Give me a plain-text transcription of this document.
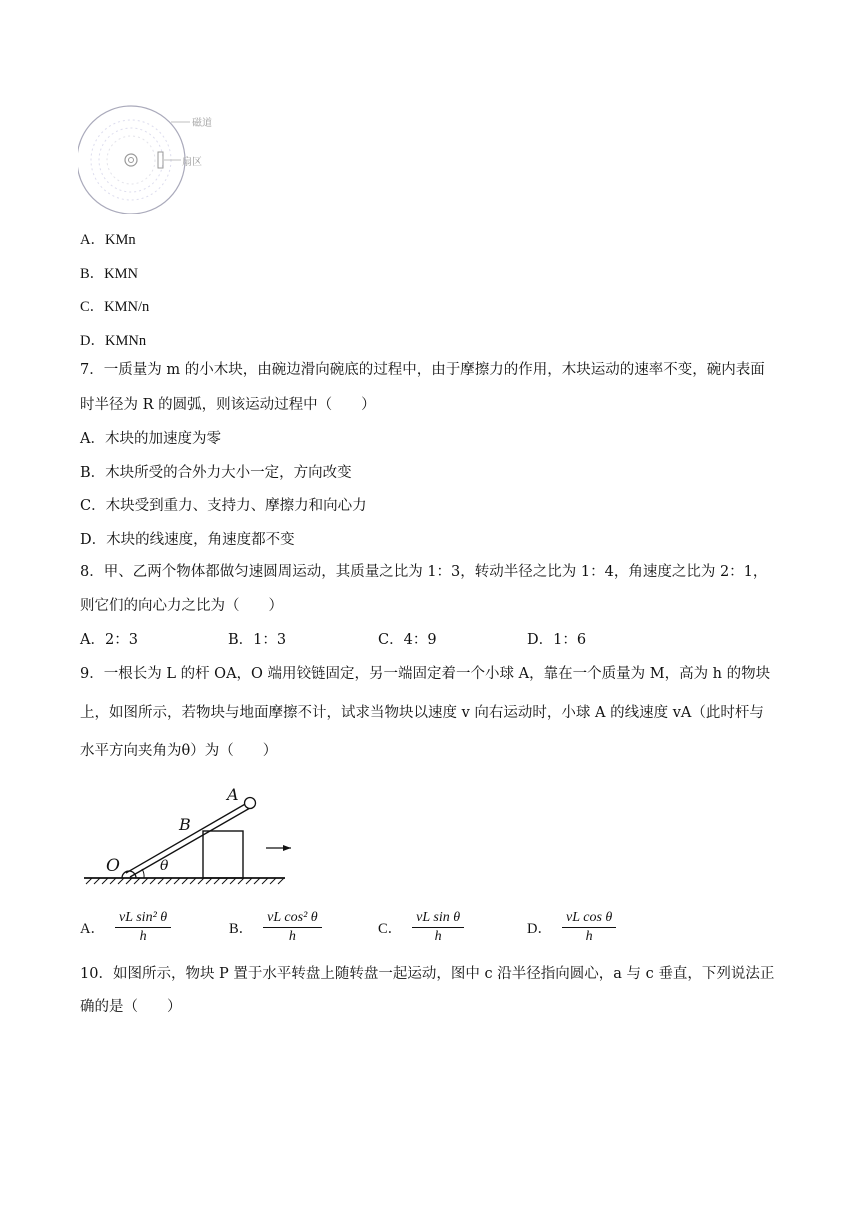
磁道
扇区
A．KMn
B．KMN
C．KMN/n
D．KMNn
7．一质量为 m 的小木块，由碗边滑向碗底的过程中，由于摩擦力的作用，木块运动的速率不变，碗内表面
时半径为 R 的圆弧，则该运动过程中（　　）
A．木块的加速度为零
B．木块所受的合外力大小一定，方向改变
C．木块受到重力、支持力、摩擦力和向心力
D．木块的线速度，角速度都不变
8．甲、乙两个物体都做匀速圆周运动，其质量之比为 1：3，转动半径之比为 1：4，角速度之比为 2：1，
则它们的向心力之比为（　　）
A．2：3	B．1：3	C．4：9	D．1：6
9．一根长为 L 的杆 OA，O 端用铰链固定，另一端固定着一个小球 A，靠在一个质量为 M，高为 h 的物块
上，如图所示，若物块与地面摩擦不计，试求当物块以速度 v 向右运动时，小球 A 的线速度 vA（此时杆与
水平方向夹角为θ）为（　　）
A
B
O	θ
A． $\frac{\text{vL sin² θ}}{h}$	B． $\frac{\text{vL cos² θ}}{h}$	C． $\frac{\text{vL sin θ}}{h}$	D． $\frac{\text{vL cos θ}}{h}$
10．如图所示，物块 P 置于水平转盘上随转盘一起运动，图中 c 沿半径指向圆心，a 与 c 垂直，下列说法正
确的是（　　）
